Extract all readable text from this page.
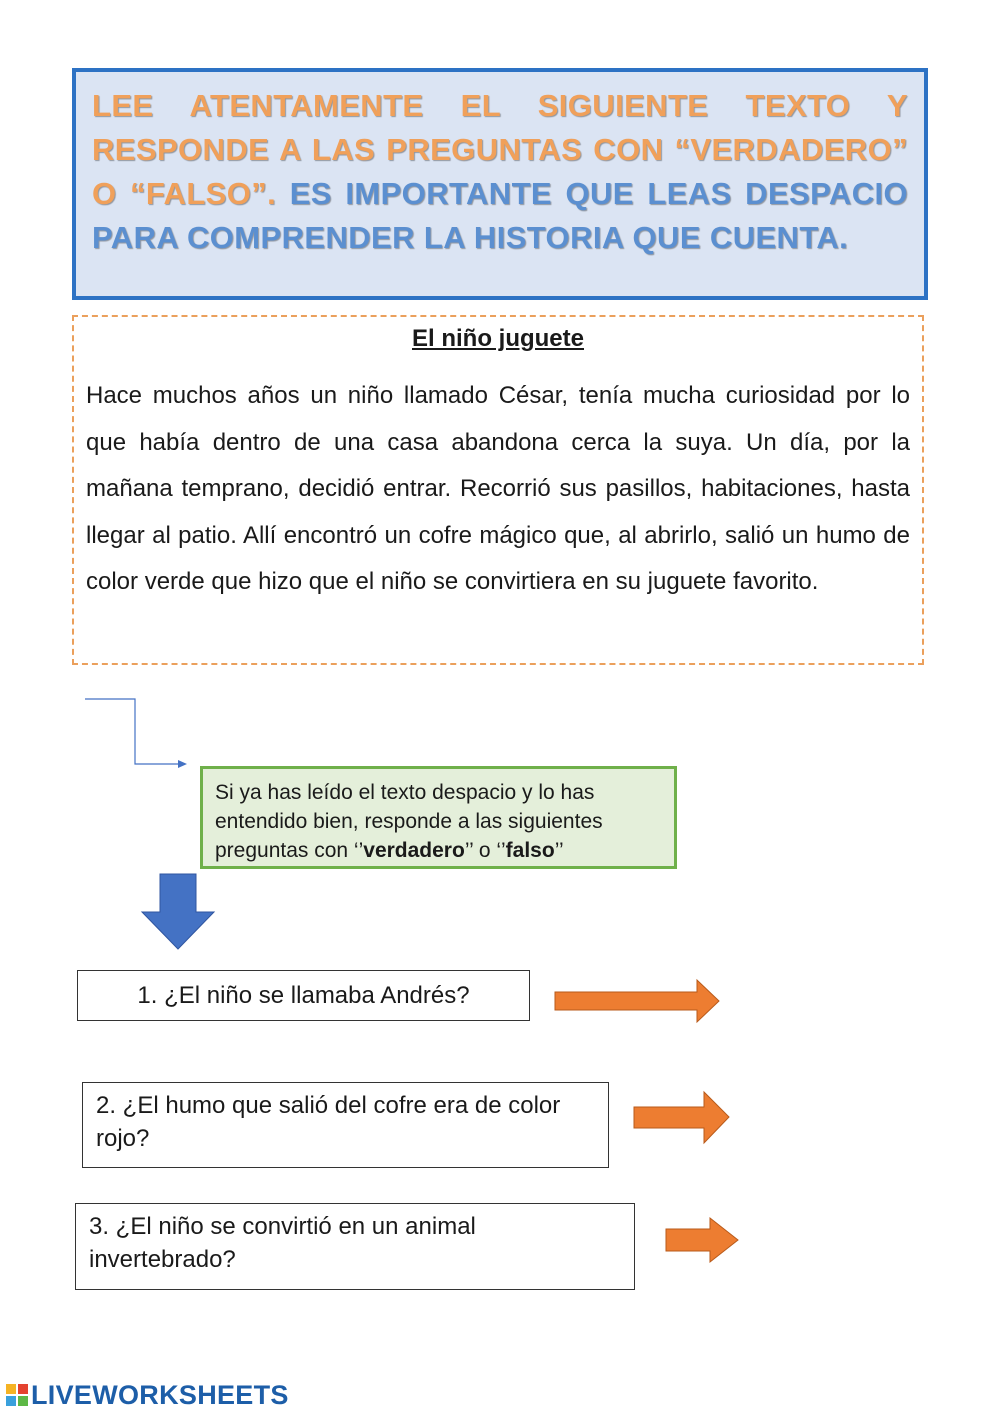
LEE ATENTAMENTE EL SIGUIENTE TEXTO Y RESPONDE A LAS PREGUNTAS CON “VERDADERO” O “FALSO”. ES IMPORTANTE QUE LEAS DESPACIO PARA COMPRENDER LA HISTORIA QUE CUENTA.
El niño juguete
Hace muchos años un niño llamado César, tenía mucha curiosidad por lo que había dentro de una casa abandona cerca la suya. Un día, por la mañana temprano, decidió entrar. Recorrió sus pasillos, habitaciones, hasta llegar al patio. Allí encontró un cofre mágico que, al abrirlo, salió un humo de color verde que hizo que el niño se convirtiera en su juguete favorito.
Si ya has leído el texto despacio y lo has entendido bien, responde a las siguientes preguntas con ‘’verdadero’’ o ‘’falso’’
1. ¿El niño se llamaba Andrés?
2. ¿El humo que salió del cofre era de color rojo?
3. ¿El niño se convirtió en un animal invertebrado?
LIVEWORKSHEETS
